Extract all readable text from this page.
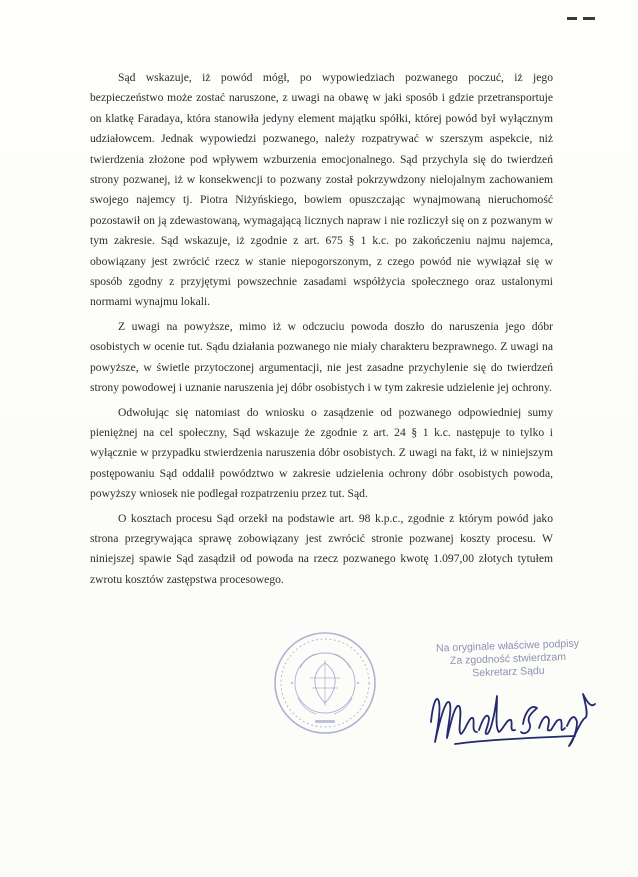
Sąd wskazuje, iż powód mógł, po wypowiedziach pozwanego poczuć, iż jego bezpieczeństwo może zostać naruszone, z uwagi na obawę w jaki sposób i gdzie przetransportuje on klatkę Faradaya, która stanowiła jedyny element majątku spółki, której powód był wyłącznym udziałowcem. Jednak wypowiedzi pozwanego, należy rozpatrywać w szerszym aspekcie, niż twierdzenia złożone pod wpływem wzburzenia emocjonalnego. Sąd przychyla się do twierdzeń strony pozwanej, iż w konsekwencji to pozwany został pokrzywdzony nielojalnym zachowaniem swojego najemcy tj. Piotra Niżyńskiego, bowiem opuszczając wynajmowaną nieruchomość pozostawił on ją zdewastowaną, wymagającą licznych napraw i nie rozliczył się on z pozwanym w tym zakresie. Sąd wskazuje, iż zgodnie z art. 675 § 1 k.c. po zakończeniu najmu najemca, obowiązany jest zwrócić rzecz w stanie niepogorszonym, z czego powód nie wywiązał się w sposób zgodny z przyjętymi powszechnie zasadami współżycia społecznego oraz ustalonymi normami wynajmu lokali.

Z uwagi na powyższe, mimo iż w odczuciu powoda doszło do naruszenia jego dóbr osobistych w ocenie tut. Sądu działania pozwanego nie miały charakteru bezprawnego. Z uwagi na powyższe, w świetle przytoczonej argumentacji, nie jest zasadne przychylenie się do twierdzeń strony powodowej i uznanie naruszenia jej dóbr osobistych i w tym zakresie udzielenie jej ochrony.

Odwołując się natomiast do wniosku o zasądzenie od pozwanego odpowiedniej sumy pieniężnej na cel społeczny, Sąd wskazuje że zgodnie z art. 24 § 1 k.c. następuje to tylko i wyłącznie w przypadku stwierdzenia naruszenia dóbr osobistych. Z uwagi na fakt, iż w niniejszym postępowaniu Sąd oddalił powództwo w zakresie udzielenia ochrony dóbr osobistych powoda, powyższy wniosek nie podlegał rozpatrzeniu przez tut. Sąd.

O kosztach procesu Sąd orzekł na podstawie art. 98 k.p.c., zgodnie z którym powód jako strona przegrywająca sprawę zobowiązany jest zwrócić stronie pozwanej koszty procesu. W niniejszej spawie Sąd zasądził od powoda na rzecz pozwanego kwotę 1.097,00 złotych tytułem zwrotu kosztów zastępstwa procesowego.

Na oryginale właściwe podpisy
Za zgodność stwierdzam
Sekretarz Sądu
